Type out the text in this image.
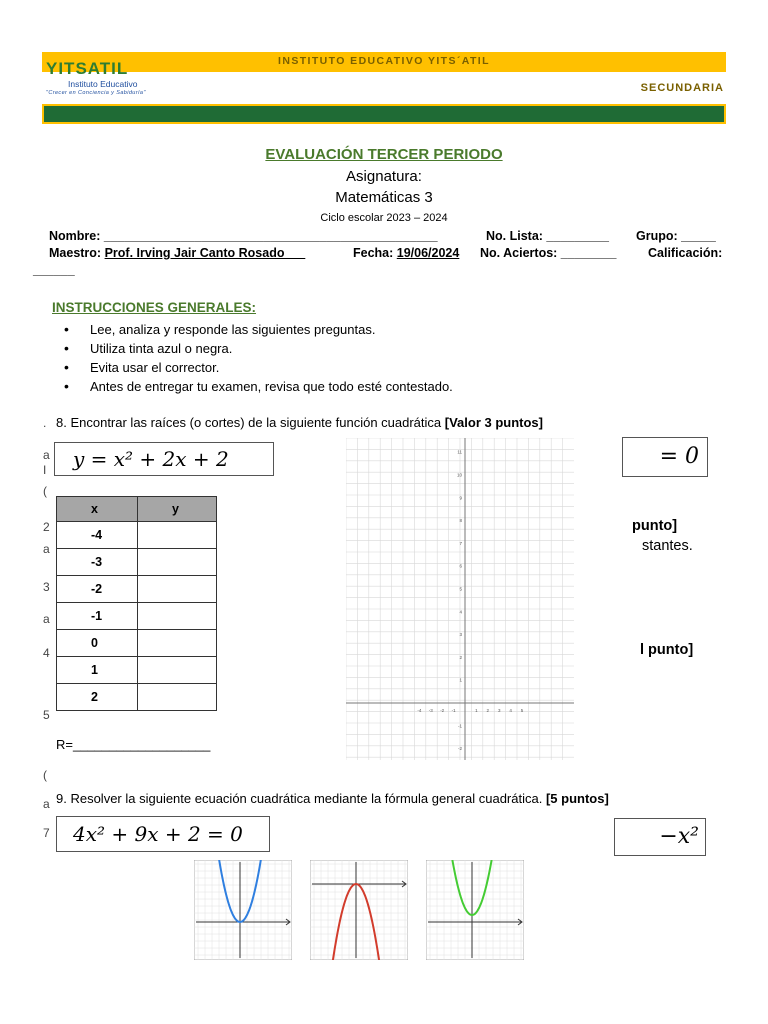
INSTITUTO EDUCATIVO YITS´ATIL
YITSATIL
Instituto Educativo
"Crecer en Conciencia y Sabiduría"	SECUNDARIA
EVALUACIÓN TERCER PERIODO
Asignatura:
Matemáticas 3
Ciclo escolar 2023 – 2024
Nombre: ________________________________________________	No. Lista: _________ Grupo: _____
Maestro: Prof. Irving Jair Canto Rosado	Fecha: 19/06/2024 No. Aciertos: ________	Calificación:
______
INSTRUCCIONES GENERALES:
• Lee, analiza y responde las siguientes preguntas.
• Utiliza tinta azul o negra.
• Evita usar el corrector.
• Antes de entregar tu examen, revisa que todo esté contestado.
.
a
I
(
2
a
3
a
4
5
(
a
7
8. Encontrar las raíces (o cortes) de la siguiente función cuadrática [Valor 3 puntos]
y = x² + 2x + 2	= 0
x	y
-4	
-3	
-2	
-1	
0	
1	
2	
-4 -3 -2 -1	1 2 3 4 5
11
10
9
8
7
6
5
4
3
2
1
-1
-2
punto]
stantes.
l punto]
R=___________________
9. Resolver la siguiente ecuación cuadrática mediante la fórmula general cuadrática. [5 puntos]
4x² + 9x + 2 = 0	−x²
